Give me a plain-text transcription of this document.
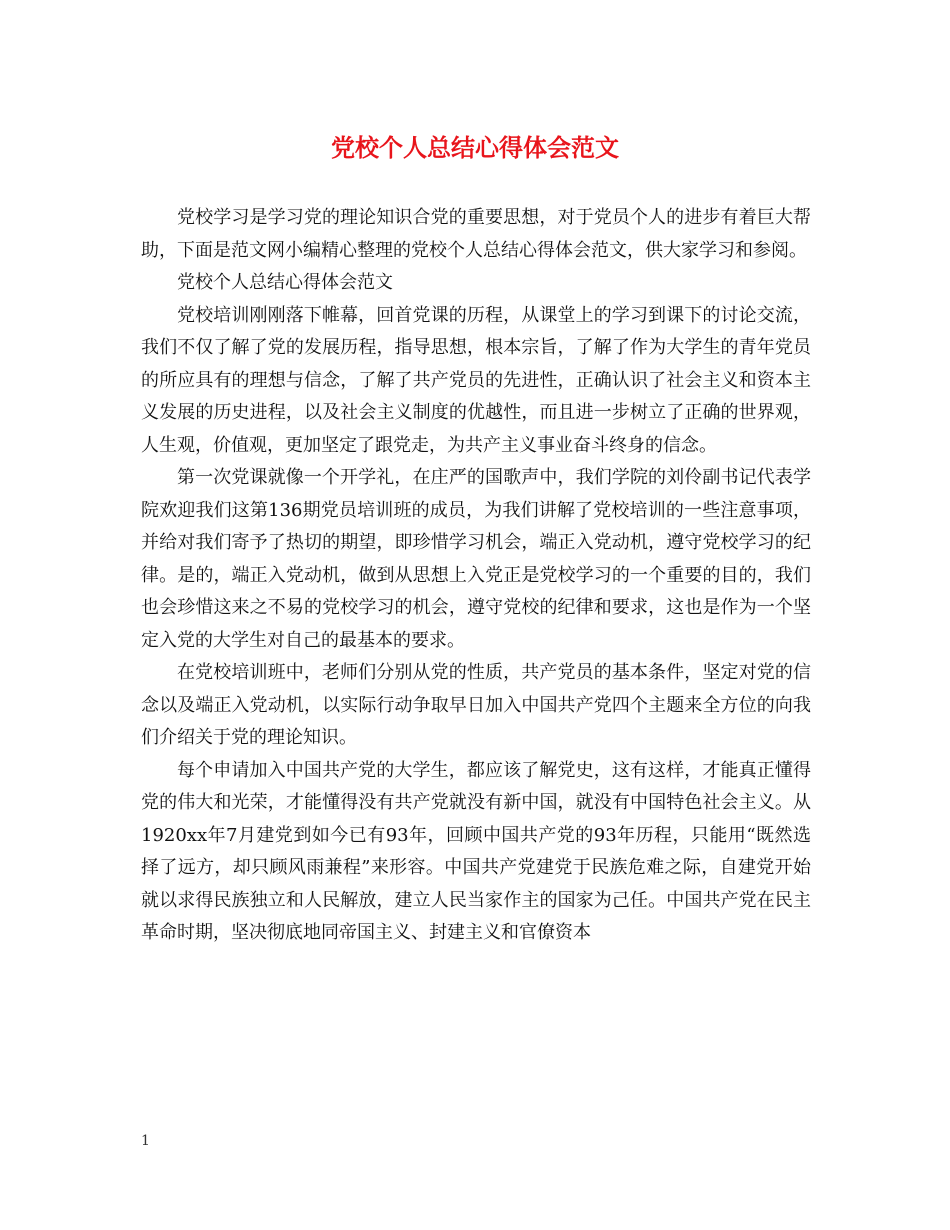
党校个人总结心得体会范文

党校学习是学习党的理论知识合党的重要思想，对于党员个人的进步有着巨大帮助，下面是范文网小编精心整理的党校个人总结心得体会范文，供大家学习和参阅。

党校个人总结心得体会范文

党校培训刚刚落下帷幕，回首党课的历程，从课堂上的学习到课下的讨论交流，我们不仅了解了党的发展历程，指导思想，根本宗旨，了解了作为大学生的青年党员的所应具有的理想与信念，了解了共产党员的先进性，正确认识了社会主义和资本主义发展的历史进程，以及社会主义制度的优越性，而且进一步树立了正确的世界观，人生观，价值观，更加坚定了跟党走，为共产主义事业奋斗终身的信念。

第一次党课就像一个开学礼，在庄严的国歌声中，我们学院的刘伶副书记代表学院欢迎我们这第136期党员培训班的成员，为我们讲解了党校培训的一些注意事项，并给对我们寄予了热切的期望，即珍惜学习机会，端正入党动机，遵守党校学习的纪律。是的，端正入党动机，做到从思想上入党正是党校学习的一个重要的目的，我们也会珍惜这来之不易的党校学习的机会，遵守党校的纪律和要求，这也是作为一个坚定入党的大学生对自己的最基本的要求。

在党校培训班中，老师们分别从党的性质，共产党员的基本条件，坚定对党的信念以及端正入党动机，以实际行动争取早日加入中国共产党四个主题来全方位的向我们介绍关于党的理论知识。

每个申请加入中国共产党的大学生，都应该了解党史，这有这样，才能真正懂得党的伟大和光荣，才能懂得没有共产党就没有新中国，就没有中国特色社会主义。从1920xx年7月建党到如今已有93年，回顾中国共产党的93年历程，只能用“既然选择了远方，却只顾风雨兼程”来形容。中国共产党建党于民族危难之际，自建党开始就以求得民族独立和人民解放，建立人民当家作主的国家为己任。中国共产党在民主革命时期，坚决彻底地同帝国主义、封建主义和官僚资本

1
